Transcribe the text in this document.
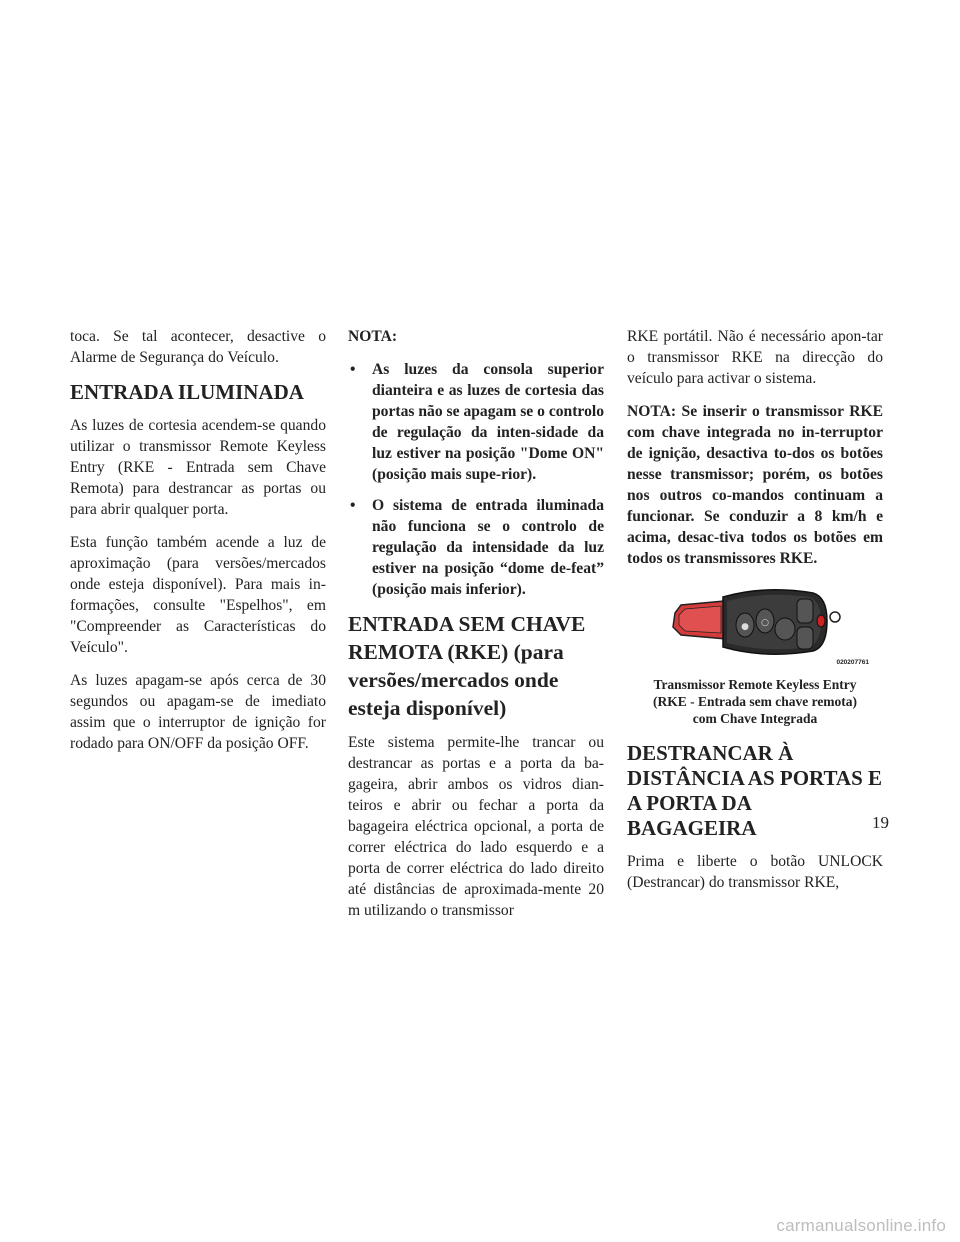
toca. Se tal acontecer, desactive o Alarme de Segurança do Veículo.

ENTRADA ILUMINADA

As luzes de cortesia acendem-se quando utilizar o transmissor Remote Keyless Entry (RKE - Entrada sem Chave Remota) para destrancar as portas ou para abrir qualquer porta.

Esta função também acende a luz de aproximação (para versões/mercados onde esteja disponível). Para mais in-formações, consulte "Espelhos", em "Compreender as Características do Veículo".

As luzes apagam-se após cerca de 30 segundos ou apagam-se de imediato assim que o interruptor de ignição for rodado para ON/OFF da posição OFF.

NOTA:

• As luzes da consola superior dianteira e as luzes de cortesia das portas não se apagam se o controlo de regulação da inten-sidade da luz estiver na posição "Dome ON" (posição mais supe-rior).
• O sistema de entrada iluminada não funciona se o controlo de regulação da intensidade da luz estiver na posição “dome de-feat” (posição mais inferior).
ENTRADA SEM CHAVE REMOTA (RKE) (para versões/mercados onde esteja disponível)

Este sistema permite-lhe trancar ou destrancar as portas e a porta da ba-gageira, abrir ambos os vidros dian-teiros e abrir ou fechar a porta da bagageira eléctrica opcional, a porta de correr eléctrica do lado esquerdo e a porta de correr eléctrica do lado direito até distâncias de aproximada-mente 20 m utilizando o transmissor

RKE portátil. Não é necessário apon-tar o transmissor RKE na direcção do veículo para activar o sistema.

NOTA: Se inserir o transmissor RKE com chave integrada no in-terruptor de ignição, desactiva to-dos os botões nesse transmissor; porém, os botões nos outros co-mandos continuam a funcionar. Se conduzir a 8 km/h e acima, desac-tiva todos os botões em todos os transmissores RKE.

● ○
020207761
Transmissor Remote Keyless Entry
(RKE - Entrada sem chave remota)
com Chave Integrada
DESTRANCAR À DISTÂNCIA AS PORTAS E A PORTA DA BAGAGEIRA

Prima e liberte o botão UNLOCK (Destrancar) do transmissor RKE,

19
carmanualsonline.info
